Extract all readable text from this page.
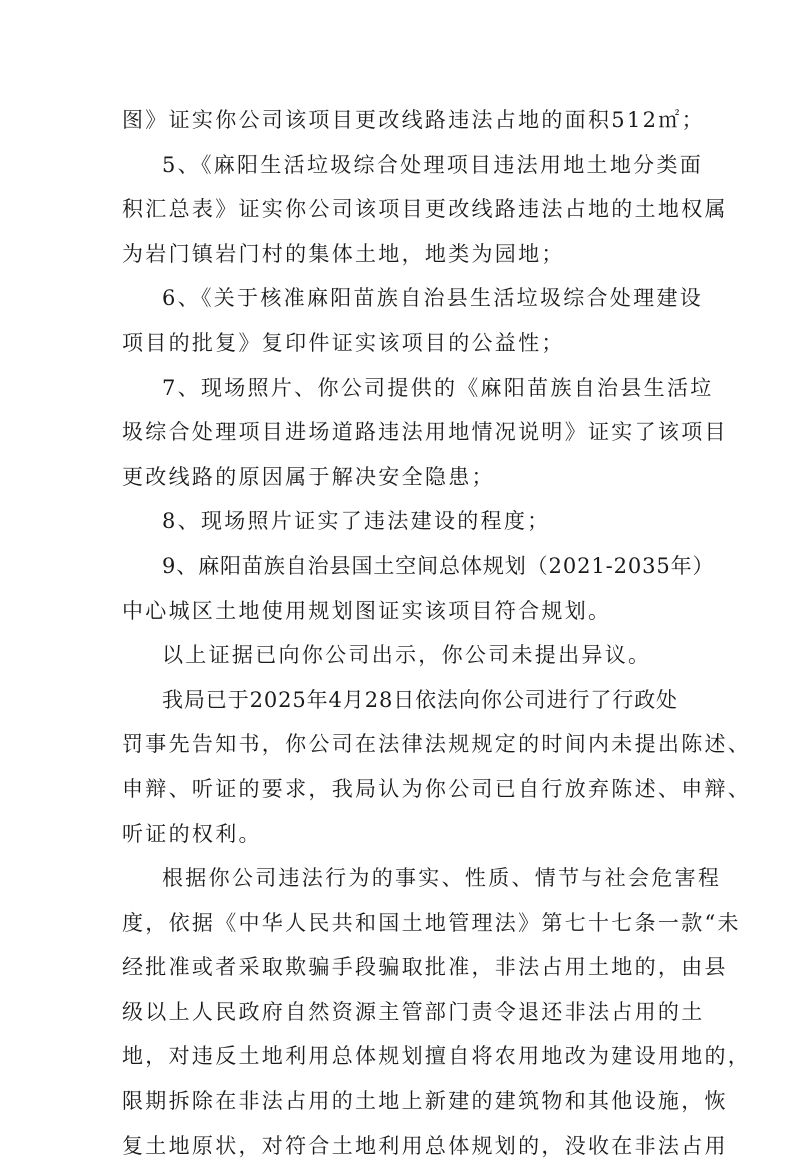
图》证实你公司该项目更改线路违法占地的面积512㎡；
5、《麻阳生活垃圾综合处理项目违法用地土地分类面
积汇总表》证实你公司该项目更改线路违法占地的土地权属
为岩门镇岩门村的集体土地，地类为园地；
6、《关于核准麻阳苗族自治县生活垃圾综合处理建设
项目的批复》复印件证实该项目的公益性；
7、现场照片、你公司提供的《麻阳苗族自治县生活垃
圾综合处理项目进场道路违法用地情况说明》证实了该项目
更改线路的原因属于解决安全隐患；
8、现场照片证实了违法建设的程度；
9、麻阳苗族自治县国土空间总体规划（2021-2035年）
中心城区土地使用规划图证实该项目符合规划。
以上证据已向你公司出示，你公司未提出异议。
我局已于2025年4月28日依法向你公司进行了行政处
罚事先告知书，你公司在法律法规规定的时间内未提出陈述、
申辩、听证的要求，我局认为你公司已自行放弃陈述、申辩、
听证的权利。
根据你公司违法行为的事实、性质、情节与社会危害程
度，依据《中华人民共和国土地管理法》第七十七条一款“未
经批准或者采取欺骗手段骗取批准，非法占用土地的，由县
级以上人民政府自然资源主管部门责令退还非法占用的土
地，对违反土地利用总体规划擅自将农用地改为建设用地的，
限期拆除在非法占用的土地上新建的建筑物和其他设施，恢
复土地原状，对符合土地利用总体规划的，没收在非法占用
